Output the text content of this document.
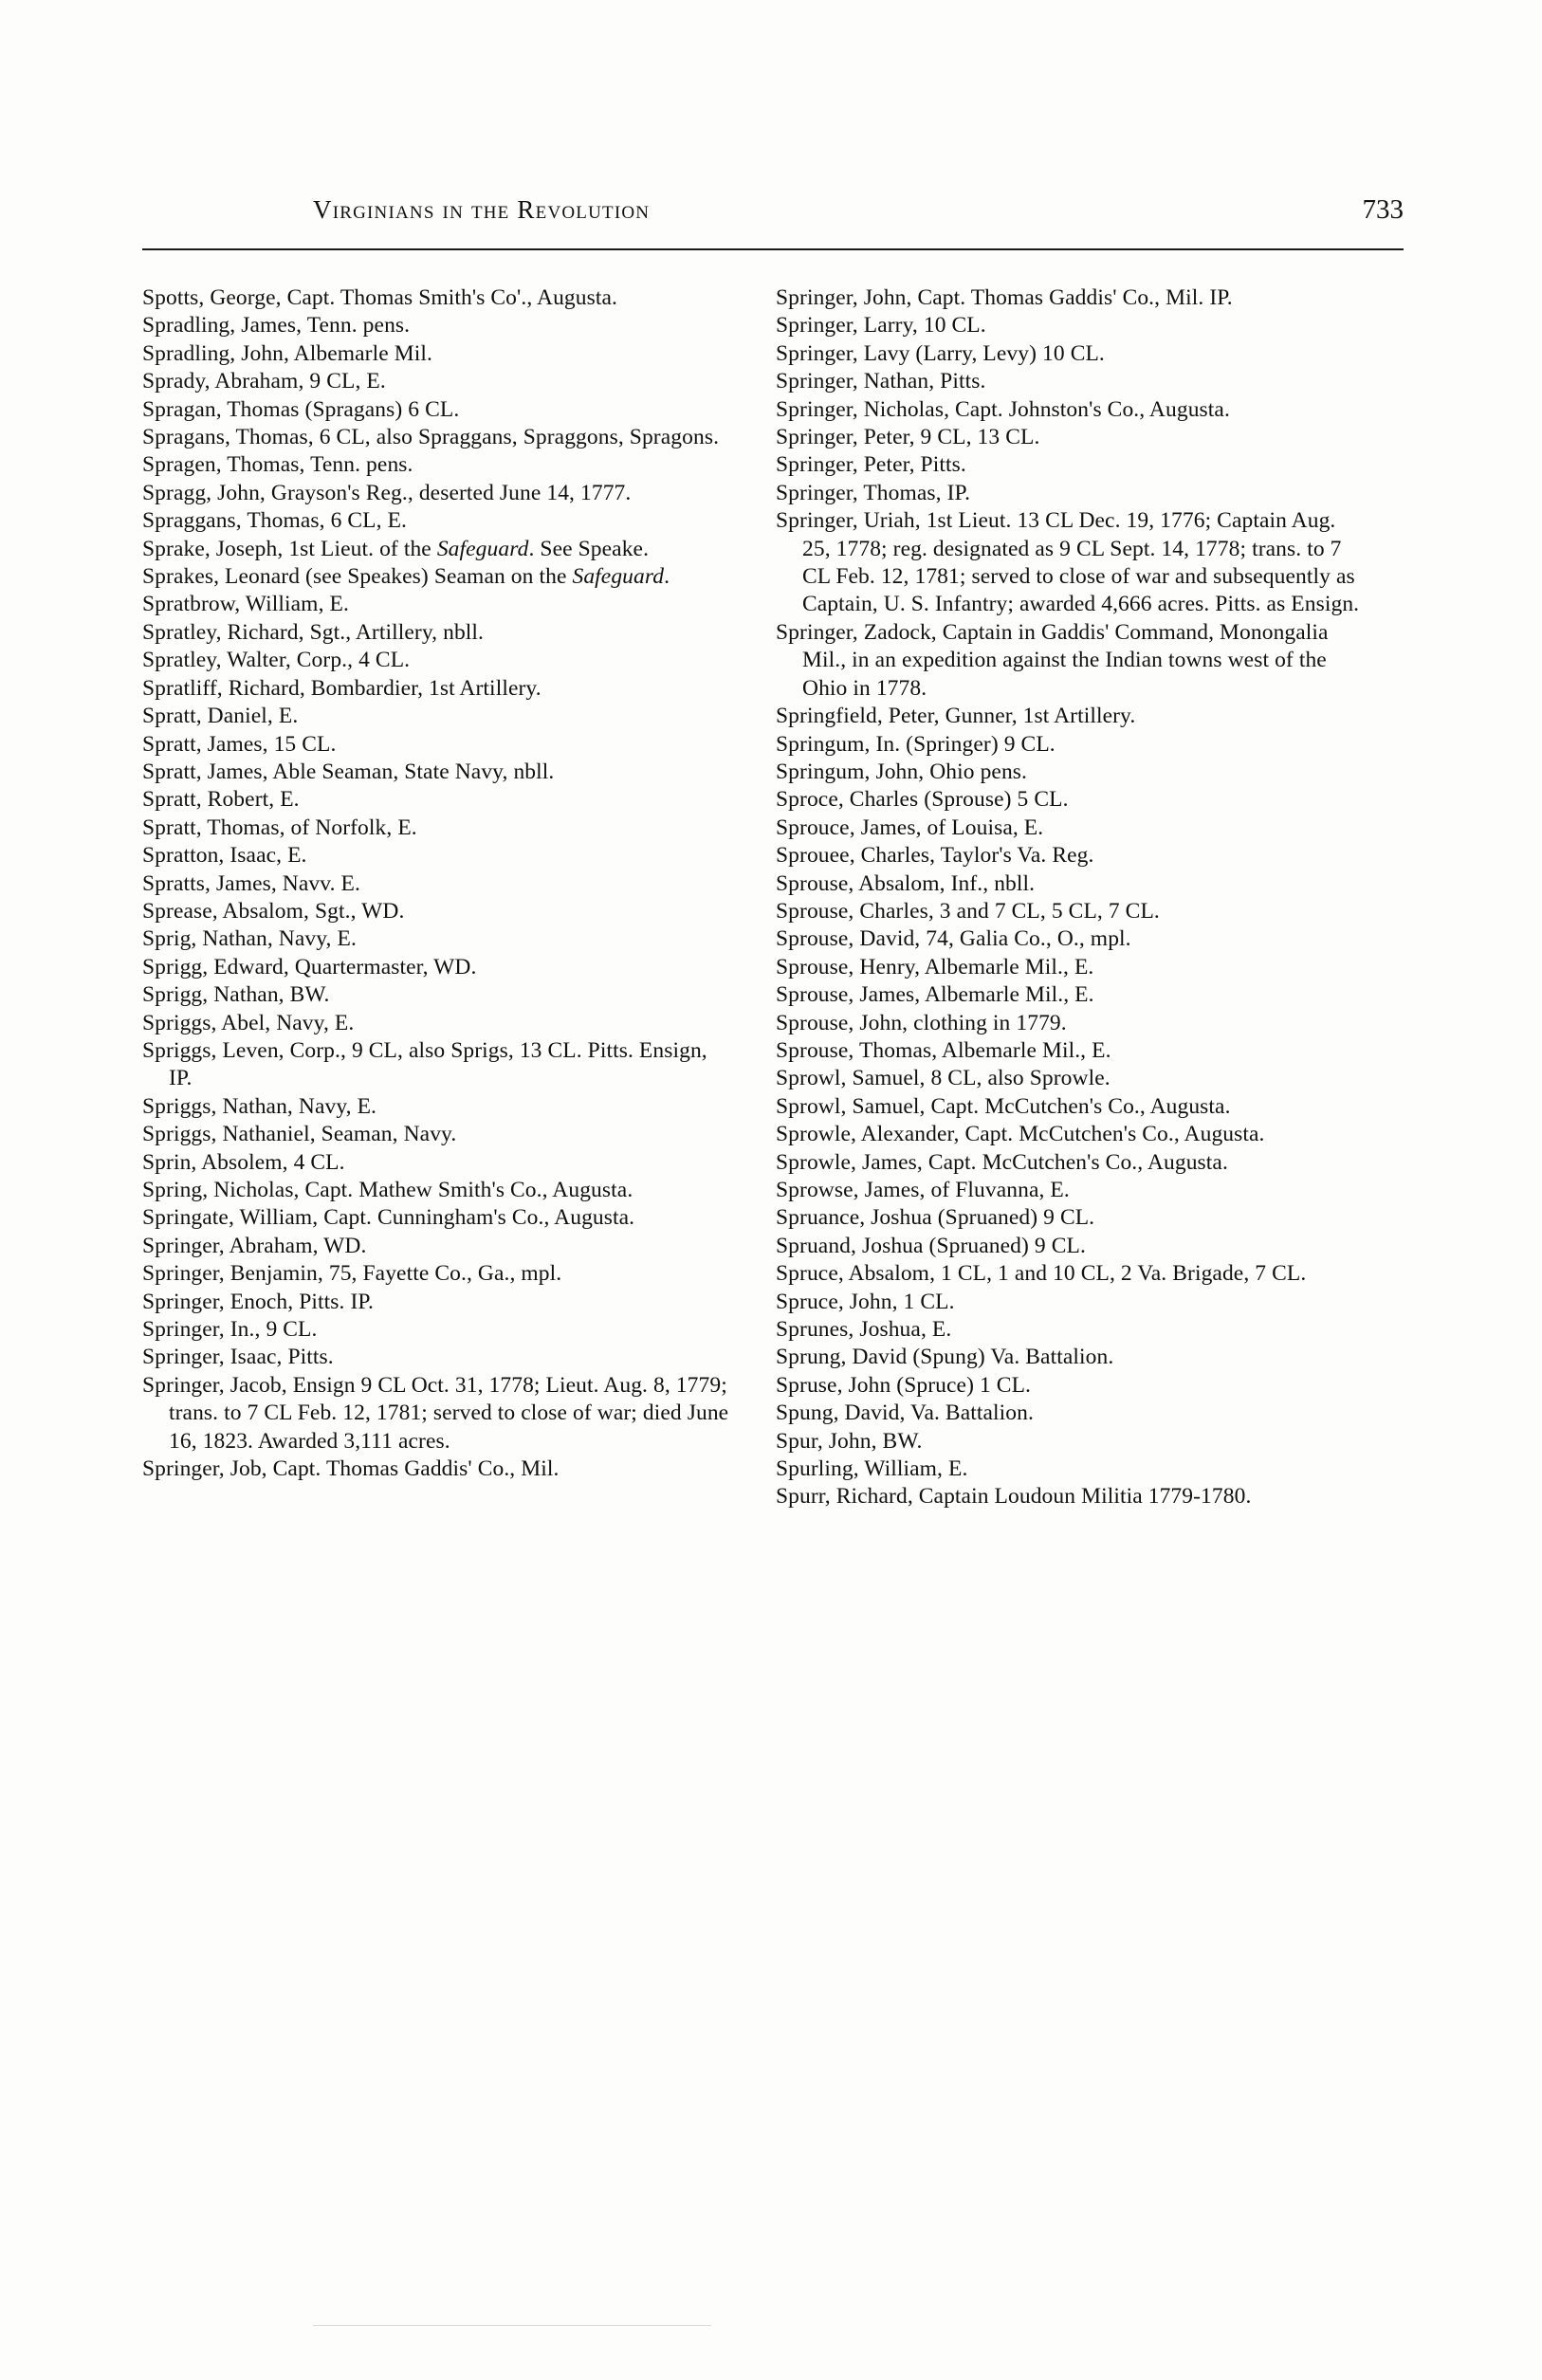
Virginians in the Revolution	733

Spotts, George, Capt. Thomas Smith's Co'., Augusta.

Spradling, James, Tenn. pens.

Spradling, John, Albemarle Mil.

Sprady, Abraham, 9 CL, E.

Spragan, Thomas (Spragans) 6 CL.

Spragans, Thomas, 6 CL, also Spraggans, Spraggons, Spragons.

Spragen, Thomas, Tenn. pens.

Spragg, John, Grayson's Reg., deserted June 14, 1777.

Spraggans, Thomas, 6 CL, E.

Sprake, Joseph, 1st Lieut. of the Safeguard. See Speake.

Sprakes, Leonard (see Speakes) Seaman on the Safeguard.

Spratbrow, William, E.

Spratley, Richard, Sgt., Artillery, nbll.

Spratley, Walter, Corp., 4 CL.

Spratliff, Richard, Bombardier, 1st Artillery.

Spratt, Daniel, E.

Spratt, James, 15 CL.

Spratt, James, Able Seaman, State Navy, nbll.

Spratt, Robert, E.

Spratt, Thomas, of Norfolk, E.

Spratton, Isaac, E.

Spratts, James, Navv. E.

Sprease, Absalom, Sgt., WD.

Sprig, Nathan, Navy, E.

Sprigg, Edward, Quartermaster, WD.

Sprigg, Nathan, BW.

Spriggs, Abel, Navy, E.

Spriggs, Leven, Corp., 9 CL, also Sprigs, 13 CL. Pitts. Ensign, IP.

Spriggs, Nathan, Navy, E.

Spriggs, Nathaniel, Seaman, Navy.

Sprin, Absolem, 4 CL.

Spring, Nicholas, Capt. Mathew Smith's Co., Augusta.

Springate, William, Capt. Cunningham's Co., Augusta.

Springer, Abraham, WD.

Springer, Benjamin, 75, Fayette Co., Ga., mpl.

Springer, Enoch, Pitts. IP.

Springer, In., 9 CL.

Springer, Isaac, Pitts.

Springer, Jacob, Ensign 9 CL Oct. 31, 1778; Lieut. Aug. 8, 1779; trans. to 7 CL Feb. 12, 1781; served to close of war; died June 16, 1823. Awarded 3,111 acres.

Springer, Job, Capt. Thomas Gaddis' Co., Mil.

Springer, John, Capt. Thomas Gaddis' Co., Mil. IP.

Springer, Larry, 10 CL.

Springer, Lavy (Larry, Levy) 10 CL.

Springer, Nathan, Pitts.

Springer, Nicholas, Capt. Johnston's Co., Augusta.

Springer, Peter, 9 CL, 13 CL.

Springer, Peter, Pitts.

Springer, Thomas, IP.

Springer, Uriah, 1st Lieut. 13 CL Dec. 19, 1776; Captain Aug. 25, 1778; reg. designated as 9 CL Sept. 14, 1778; trans. to 7 CL Feb. 12, 1781; served to close of war and subsequently as Captain, U. S. Infantry; awarded 4,666 acres. Pitts. as Ensign.

Springer, Zadock, Captain in Gaddis' Command, Monongalia Mil., in an expedition against the Indian towns west of the Ohio in 1778.

Springfield, Peter, Gunner, 1st Artillery.

Springum, In. (Springer) 9 CL.

Springum, John, Ohio pens.

Sproce, Charles (Sprouse) 5 CL.

Sprouce, James, of Louisa, E.

Sprouee, Charles, Taylor's Va. Reg.

Sprouse, Absalom, Inf., nbll.

Sprouse, Charles, 3 and 7 CL, 5 CL, 7 CL.

Sprouse, David, 74, Galia Co., O., mpl.

Sprouse, Henry, Albemarle Mil., E.

Sprouse, James, Albemarle Mil., E.

Sprouse, John, clothing in 1779.

Sprouse, Thomas, Albemarle Mil., E.

Sprowl, Samuel, 8 CL, also Sprowle.

Sprowl, Samuel, Capt. McCutchen's Co., Augusta.

Sprowle, Alexander, Capt. McCutchen's Co., Augusta.

Sprowle, James, Capt. McCutchen's Co., Augusta.

Sprowse, James, of Fluvanna, E.

Spruance, Joshua (Spruaned) 9 CL.

Spruand, Joshua (Spruaned) 9 CL.

Spruce, Absalom, 1 CL, 1 and 10 CL, 2 Va. Brigade, 7 CL.

Spruce, John, 1 CL.

Sprunes, Joshua, E.

Sprung, David (Spung) Va. Battalion.

Spruse, John (Spruce) 1 CL.

Spung, David, Va. Battalion.

Spur, John, BW.

Spurling, William, E.

Spurr, Richard, Captain Loudoun Militia 1779-1780.
